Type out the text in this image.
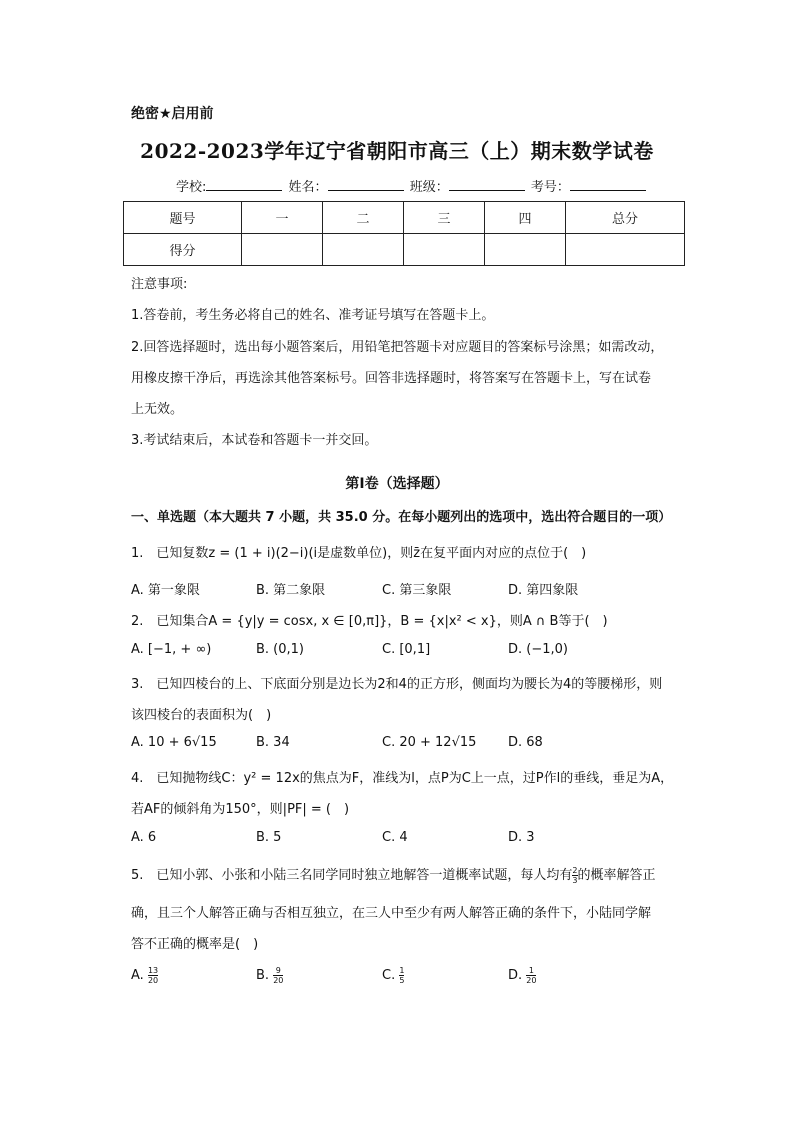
绝密★启用前
2022-2023学年辽宁省朝阳市高三（上）期末数学试卷
学校:	姓名：	班级：	考号：
题号	一	二	三	四	总分
得分					
注意事项:
1.答卷前，考生务必将自己的姓名、准考证号填写在答题卡上。
2.回答选择题时，选出每小题答案后，用铅笔把答题卡对应题目的答案标号涂黑；如需改动，
用橡皮擦干净后，再选涂其他答案标号。回答非选择题时，将答案写在答题卡上，写在试卷
上无效。
3.考试结束后，本试卷和答题卡一并交回。
第I卷（选择题）
一、单选题（本大题共 7 小题，共 35.0 分。在每小题列出的选项中，选出符合题目的一项）
1.　已知复数z = (1 + i)(2−i)(i是虚数单位)，则z̄在复平面内对应的点位于(　)
A. 第一象限	B. 第二象限	C. 第三象限	D. 第四象限
2.　已知集合A = {y|y = cosx, x ∈ [0,π]}，B = {x|x² < x}，则A ∩ B等于(　)
A. [−1, + ∞)	B. (0,1)	C. [0,1]	D. (−1,0)
3.　已知四棱台的上、下底面分别是边长为2和4的正方形，侧面均为腰长为4的等腰梯形，则
该四棱台的表面积为(　)
A. 10 + 6√15	B. 34	C. 20 + 12√15 D. 68
4.　已知抛物线C：y² = 12x的焦点为F，准线为l，点P为C上一点，过P作l的垂线，垂足为A，
若AF的倾斜角为150°，则|PF| = (　)
A. 6	B. 5	C. 4	D. 3
5.　已知小郭、小张和小陆三名同学同时独立地解答一道概率试题，每人均有 $\frac{2}{3}$ 的概率解答正
确，且三个人解答正确与否相互独立，在三人中至少有两人解答正确的条件下，小陆同学解
答不正确的概率是(　)
A. $\frac{13}{20}$	B. $\frac{9}{20}$	C. $\frac{1}{5}$	D. $\frac{1}{20}$
